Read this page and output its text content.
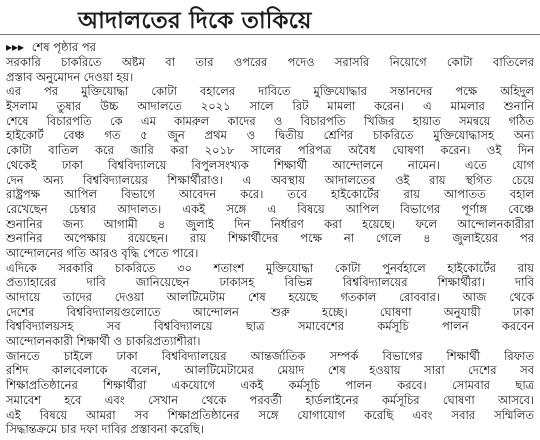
আদালতের দিকে তাকিয়ে
▸▸▸ শেষ পৃষ্ঠার পর
সরকারি চাকরিতে অষ্টম বা তার ওপরের পদেও সরাসরি নিয়োগে কোটা বাতিলের
প্রস্তাব অনুমোদন দেওয়া হয়।
এর পর মুক্তিযোদ্ধা কোটা বহালের দাবিতে মুক্তিযোদ্ধার সন্তানদের পক্ষে অহিদুল
ইসলাম তুষার উচ্চ আদালতে ২০২১ সালে রিট মামলা করেন। এ মামলার শুনানি
শেষে বিচারপতি কে এম কামরুল কাদের ও বিচারপতি খিজির হায়াত সমন্বয়ে গঠিত
হাইকোর্ট বেঞ্চ গত ৫ জুন প্রথম ও দ্বিতীয় শ্রেণির চাকরিতে মুক্তিযোদ্ধাসহ অন্য
কোটা বাতিল করে জারি করা ২০১৮ সালের পরিপত্র অবৈধ ঘোষণা করেন। ওই দিন
থেকেই ঢাকা বিশ্ববিদ্যালয়ে বিপুলসংখ্যক শিক্ষার্থী আন্দোলনে নামেন। এতে যোগ
দেন অন্য বিশ্ববিদ্যালয়ের শিক্ষার্থীরাও। এ অবস্থায় আদালতের ওই রায় স্থগিত চেয়ে
রাষ্ট্রপক্ষ আপিল বিভাগে আবেদন করে। তবে হাইকোর্টের রায় আপাতত বহাল
রেখেছেন চেম্বার আদালত। একই সঙ্গে এ বিষয়ে আপিল বিভাগের পূর্ণাঙ্গ বেঞ্চে
শুনানির জন্য আগামী ৪ জুলাই দিন নির্ধারণ করা হয়েছে। ফলে আন্দোলনকারীরা
শুনানির অপেক্ষায় রয়েছেন। রায় শিক্ষার্থীদের পক্ষে না গেলে ৪ জুলাইয়ের পর
আন্দোলনের গতি আরও বৃদ্ধি পেতে পারে।
এদিকে সরকারি চাকরিতে ৩০ শতাংশ মুক্তিযোদ্ধা কোটা পুনর্বহালে হাইকোর্টের রায়
প্রত্যাহারের দাবি জানিয়েছেন ঢাকাসহ বিভিন্ন বিশ্ববিদ্যালয়ের শিক্ষার্থীরা। দাবি
আদায়ে তাদের দেওয়া আলটিমেটাম শেষ হয়েছে গতকাল রোববার। আজ থেকে
দেশের বিশ্ববিদ্যালয়গুলোতে আন্দোলন শুরু হচ্ছে। ঘোষণা অনুযায়ী ঢাকা
বিশ্ববিদ্যালয়সহ সব বিশ্ববিদ্যালয়ে ছাত্র সমাবেশের কর্মসূচি পালন করবেন
আন্দোলনকারী শিক্ষার্থী ও চাকরিপ্রত্যাশীরা।
জানতে চাইলে ঢাকা বিশ্ববিদ্যালয়ের আন্তর্জাতিক সম্পর্ক বিভাগের শিক্ষার্থী রিফাত
রশিদ কালবেলাকে বলেন, আলটিমেটামের মেয়াদ শেষ হওয়ায় সারা দেশের সব
শিক্ষাপ্রতিষ্ঠানের শিক্ষার্থীরা একযোগে একই কর্মসূচি পালন করবে। সোমবার ছাত্র
সমাবেশ হবে এবং সেখান থেকে পরবর্তী হার্ডলাইনের কর্মসূচির ঘোষণা আসবে।
এই বিষয়ে আমরা সব শিক্ষাপ্রতিষ্ঠানের সঙ্গে যোগাযোগ করেছি এবং সবার সম্মিলিত
সিদ্ধান্তক্রমে চার দফা দাবির প্রস্তাবনা করেছি।
